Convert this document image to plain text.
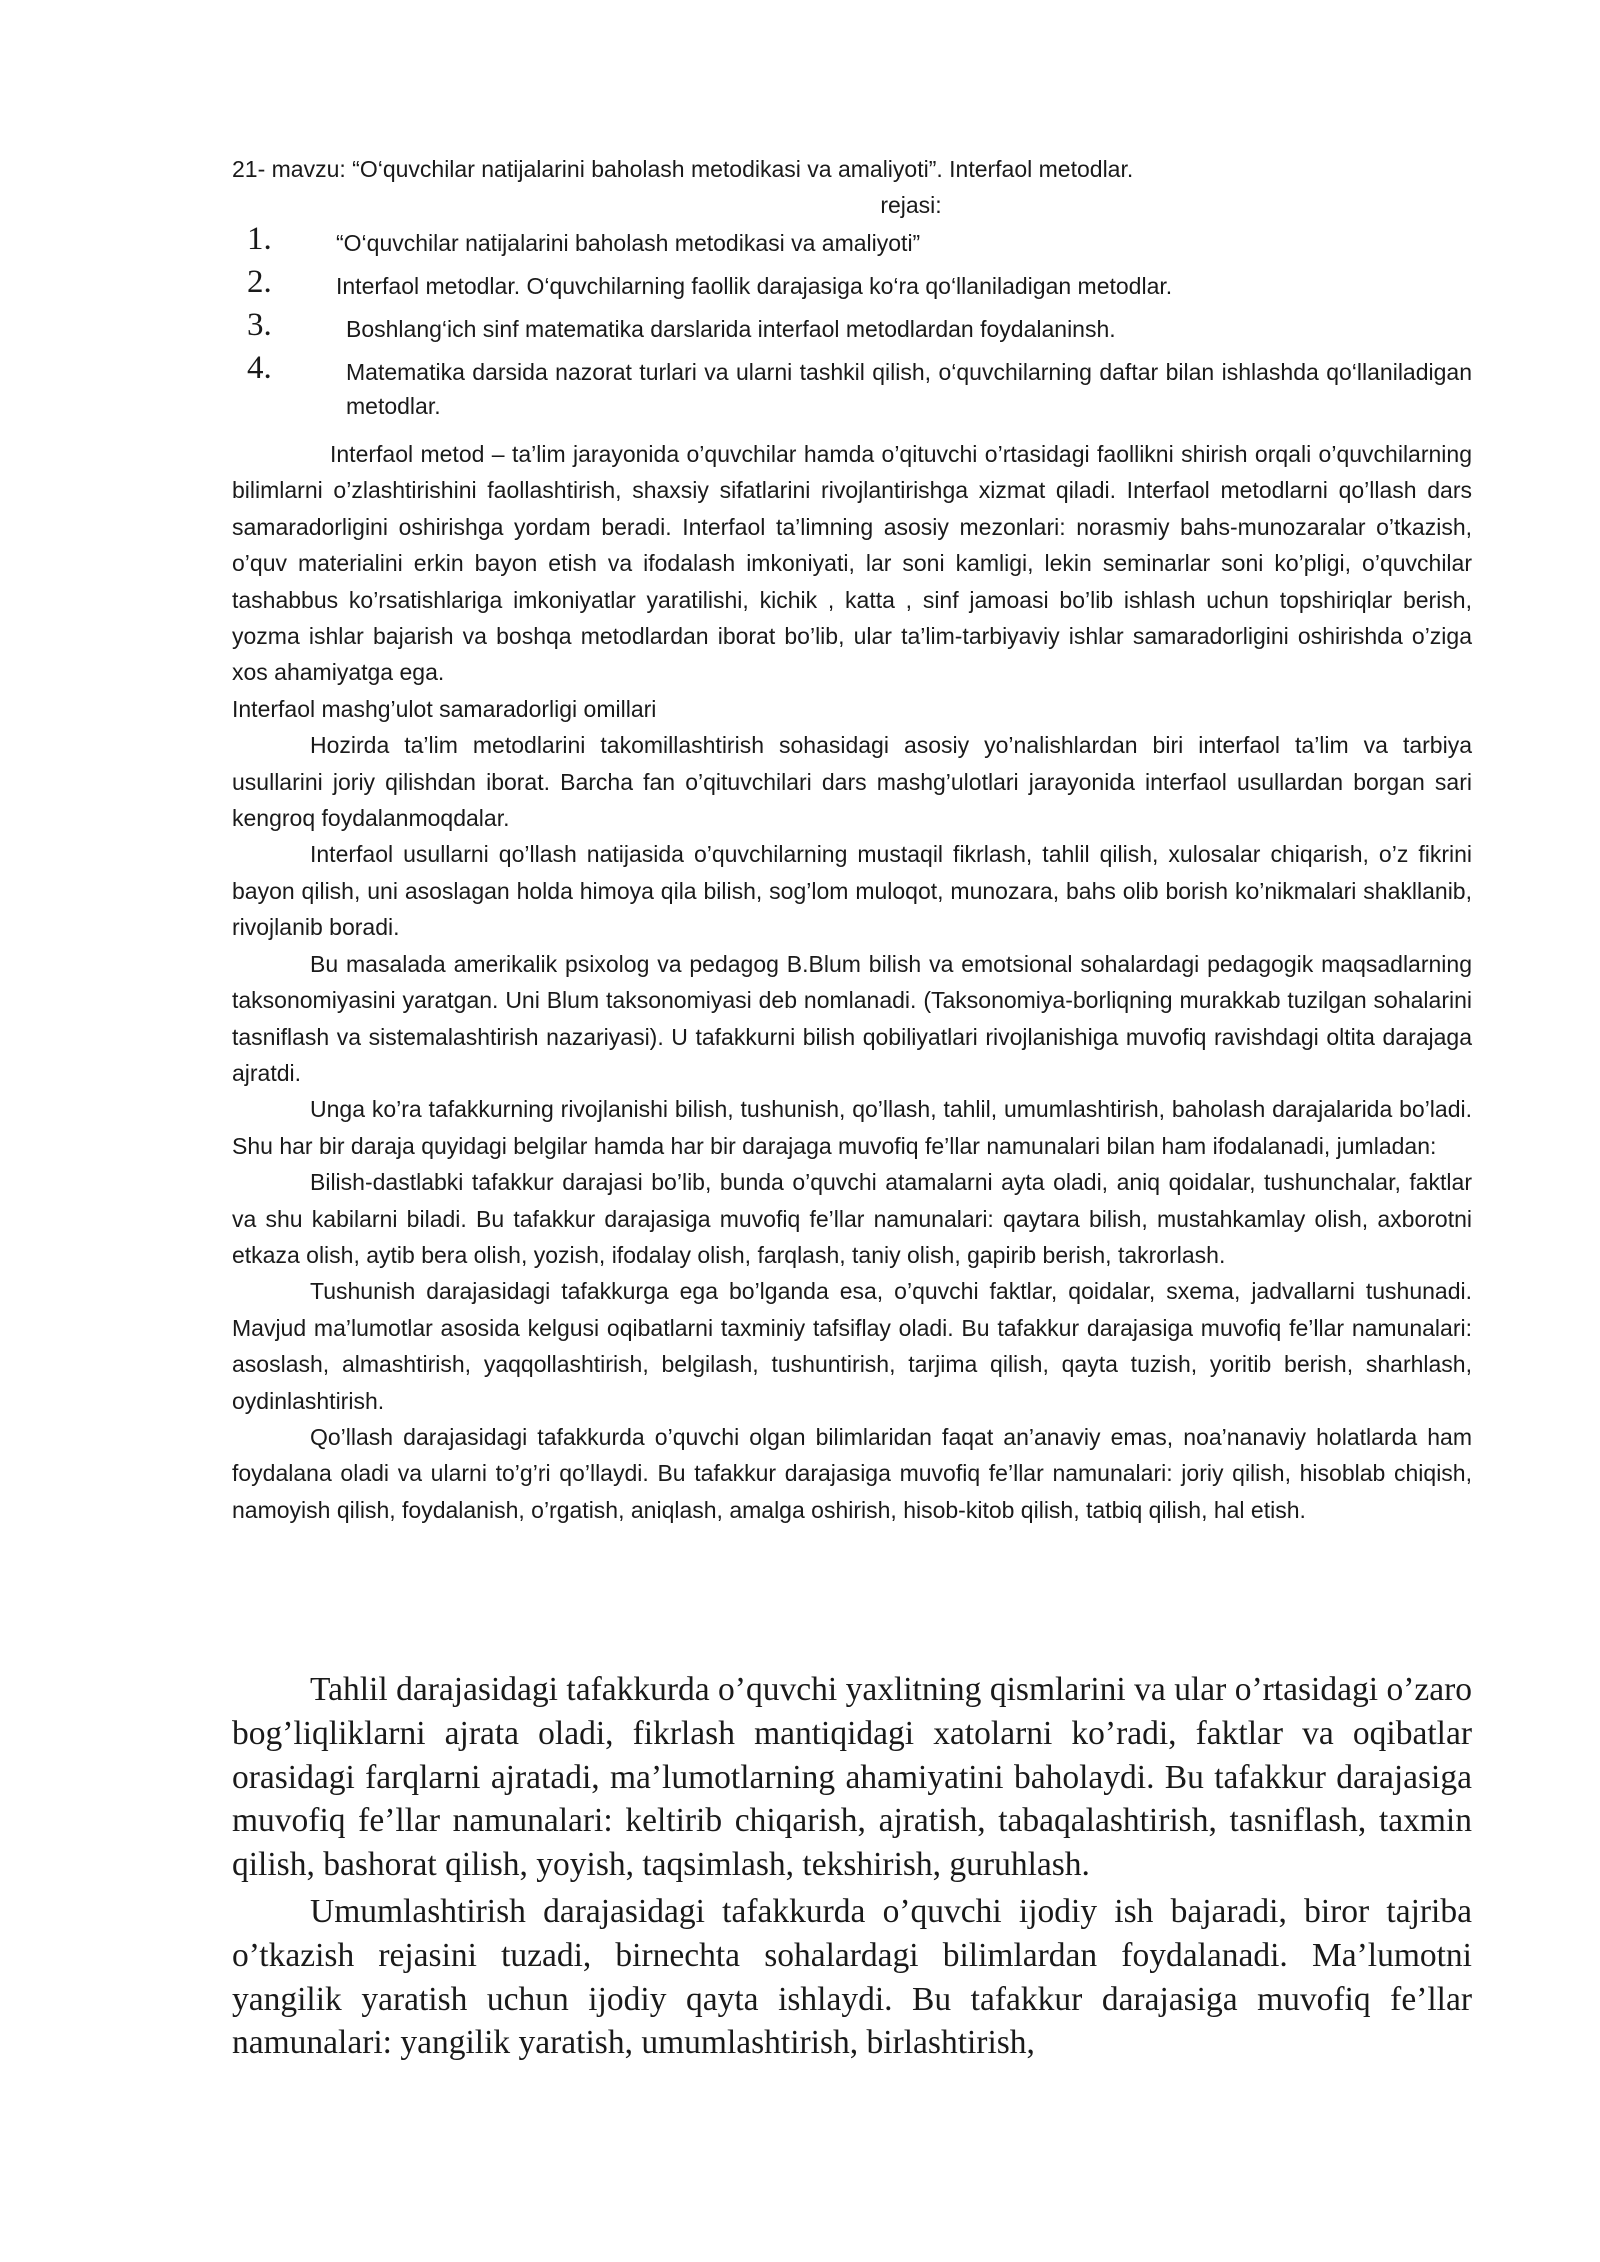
21- mavzu: “O‘quvchilar natijalarini baholash metodikasi va amaliyoti”. Interfaol metodlar.
rejasi:
1.	“O‘quvchilar natijalarini baholash metodikasi va amaliyoti”
2.	Interfaol metodlar. O‘quvchilarning faollik darajasiga ko‘ra qo‘llaniladigan metodlar.
3.	Boshlang‘ich sinf matematika darslarida interfaol metodlardan foydalaninsh.
4.	Matematika darsida nazorat turlari va ularni tashkil qilish, o‘quvchilarning daftar bilan ishlashda qo‘llaniladigan metodlar.

Interfaol metod – ta’lim jarayonida o’quvchilar hamda o’qituvchi o’rtasidagi faollikni shirish orqali o’quvchilarning bilimlarni o’zlashtirishini faollashtirish, shaxsiy sifatlarini rivojlantirishga xizmat qiladi. Interfaol metodlarni qo’llash dars samaradorligini oshirishga yordam beradi. Interfaol ta’limning asosiy mezonlari: norasmiy bahs-munozaralar o’tkazish, o’quv materialini erkin bayon etish va ifodalash imkoniyati, lar soni kamligi, lekin seminarlar soni ko’pligi, o’quvchilar tashabbus ko’rsatishlariga imkoniyatlar yaratilishi, kichik , katta , sinf jamoasi bo’lib ishlash uchun topshiriqlar berish, yozma ishlar bajarish va boshqa metodlardan iborat bo’lib, ular ta’lim-tarbiyaviy ishlar samaradorligini oshirishda o’ziga xos ahamiyatga ega.

Interfaol mashg’ulot samaradorligi omillari

Hozirda ta’lim metodlarini takomillashtirish sohasidagi asosiy yo’nalishlardan biri interfaol ta’lim va tarbiya usullarini joriy qilishdan iborat. Barcha fan o’qituvchilari dars mashg’ulotlari jarayonida interfaol usullardan borgan sari kengroq foydalanmoqdalar.

Interfaol usullarni qo’llash natijasida o’quvchilarning mustaqil fikrlash, tahlil qilish, xulosalar chiqarish, o’z fikrini bayon qilish, uni asoslagan holda himoya qila bilish, sog’lom muloqot, munozara, bahs olib borish ko’nikmalari shakllanib, rivojlanib boradi.

Bu masalada amerikalik psixolog va pedagog B.Blum bilish va emotsional sohalardagi pedagogik maqsadlarning taksonomiyasini yaratgan. Uni Blum taksonomiyasi deb nomlanadi. (Taksonomiya-borliqning murakkab tuzilgan sohalarini tasniflash va sistemalashtirish nazariyasi). U tafakkurni bilish qobiliyatlari rivojlanishiga muvofiq ravishdagi oltita darajaga ajratdi.

Unga ko’ra tafakkurning rivojlanishi bilish, tushunish, qo’llash, tahlil, umumlashtirish, baholash darajalarida bo’ladi. Shu har bir daraja quyidagi belgilar hamda har bir darajaga muvofiq fe’llar namunalari bilan ham ifodalanadi, jumladan:

Bilish-dastlabki tafakkur darajasi bo’lib, bunda o’quvchi atamalarni ayta oladi, aniq qoidalar, tushunchalar, faktlar va shu kabilarni biladi. Bu tafakkur darajasiga muvofiq fe’llar namunalari: qaytara bilish, mustahkamlay olish, axborotni etkaza olish, aytib bera olish, yozish, ifodalay olish, farqlash, taniy olish, gapirib berish, takrorlash.

Tushunish darajasidagi tafakkurga ega bo’lganda esa, o’quvchi faktlar, qoidalar, sxema, jadvallarni tushunadi. Mavjud ma’lumotlar asosida kelgusi oqibatlarni taxminiy tafsiflay oladi. Bu tafakkur darajasiga muvofiq fe’llar namunalari: asoslash, almashtirish, yaqqollashtirish, belgilash, tushuntirish, tarjima qilish, qayta tuzish, yoritib berish, sharhlash, oydinlashtirish.

Qo’llash darajasidagi tafakkurda o’quvchi olgan bilimlaridan faqat an’anaviy emas, noa’nanaviy holatlarda ham foydalana oladi va ularni to’g’ri qo’llaydi. Bu tafakkur darajasiga muvofiq fe’llar namunalari: joriy qilish, hisoblab chiqish, namoyish qilish, foydalanish, o’rgatish, aniqlash, amalga oshirish, hisob-kitob qilish, tatbiq qilish, hal etish.

Tahlil darajasidagi tafakkurda o’quvchi yaxlitning qismlarini va ular o’rtasidagi o’zaro bog’liqliklarni ajrata oladi, fikrlash mantiqidagi xatolarni ko’radi, faktlar va oqibatlar orasidagi farqlarni ajratadi, ma’lumotlarning ahamiyatini baholaydi. Bu tafakkur darajasiga muvofiq fe’llar namunalari: keltirib chiqarish, ajratish, tabaqalashtirish, tasniflash, taxmin qilish, bashorat qilish, yoyish, taqsimlash, tekshirish, guruhlash.

Umumlashtirish darajasidagi tafakkurda o’quvchi ijodiy ish bajaradi, biror tajriba o’tkazish rejasini tuzadi, birnechta sohalardagi bilimlardan foydalanadi. Ma’lumotni yangilik yaratish uchun ijodiy qayta ishlaydi. Bu tafakkur darajasiga muvofiq fe’llar namunalari: yangilik yaratish, umumlashtirish, birlashtirish,
